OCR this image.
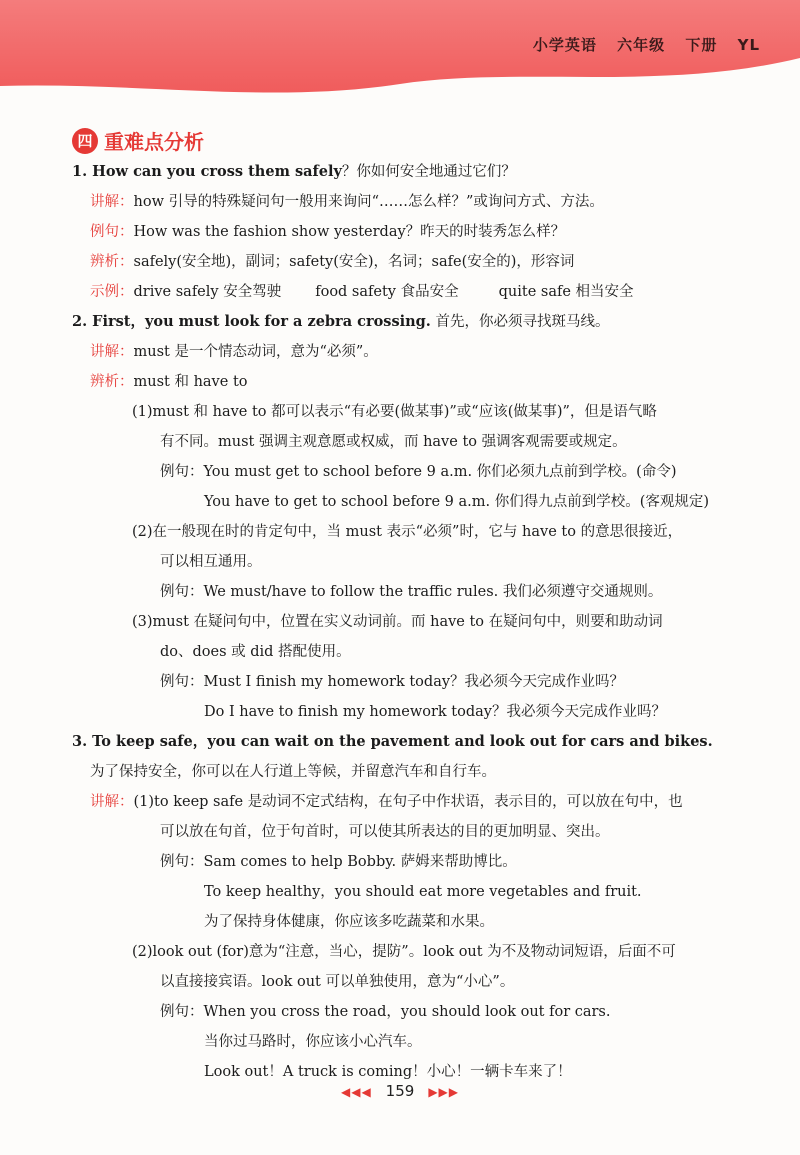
小学英语 六年级 下册 YL
四 重难点分析
1. How can you cross them safely？你如何安全地通过它们？
讲解：how 引导的特殊疑问句一般用来询问“……怎么样？”或询问方式、方法。
例句：How was the fashion show yesterday？昨天的时装秀怎么样？
辨析：safely(安全地)，副词；safety(安全)，名词；safe(安全的)，形容词
示例：drive safely 安全驾驶 food safety 食品安全	quite safe 相当安全
2. First，you must look for a zebra crossing. 首先，你必须寻找斑马线。
讲解：must 是一个情态动词，意为“必须”。
辨析：must 和 have to
(1)must 和 have to 都可以表示“有必要(做某事)”或“应该(做某事)”，但是语气略
有不同。must 强调主观意愿或权威，而 have to 强调客观需要或规定。
例句：You must get to school before 9 a.m. 你们必须九点前到学校。(命令)
You have to get to school before 9 a.m. 你们得九点前到学校。(客观规定)
(2)在一般现在时的肯定句中，当 must 表示“必须”时，它与 have to 的意思很接近，
可以相互通用。
例句：We must/have to follow the traffic rules. 我们必须遵守交通规则。
(3)must 在疑问句中，位置在实义动词前。而 have to 在疑问句中，则要和助动词
do、does 或 did 搭配使用。
例句：Must I finish my homework today？我必须今天完成作业吗？
Do I have to finish my homework today？我必须今天完成作业吗？
3. To keep safe，you can wait on the pavement and look out for cars and bikes.
为了保持安全，你可以在人行道上等候，并留意汽车和自行车。
讲解：(1)to keep safe 是动词不定式结构，在句子中作状语，表示目的，可以放在句中，也
可以放在句首，位于句首时，可以使其所表达的目的更加明显、突出。
例句：Sam comes to help Bobby. 萨姆来帮助博比。
To keep healthy，you should eat more vegetables and fruit.
为了保持身体健康，你应该多吃蔬菜和水果。
(2)look out (for)意为“注意，当心，提防”。look out 为不及物动词短语，后面不可
以直接接宾语。look out 可以单独使用，意为“小心”。
例句：When you cross the road，you should look out for cars.
当你过马路时，你应该小心汽车。
Look out！A truck is coming！小心！一辆卡车来了！
◀◀◀ 159 ▶▶▶
